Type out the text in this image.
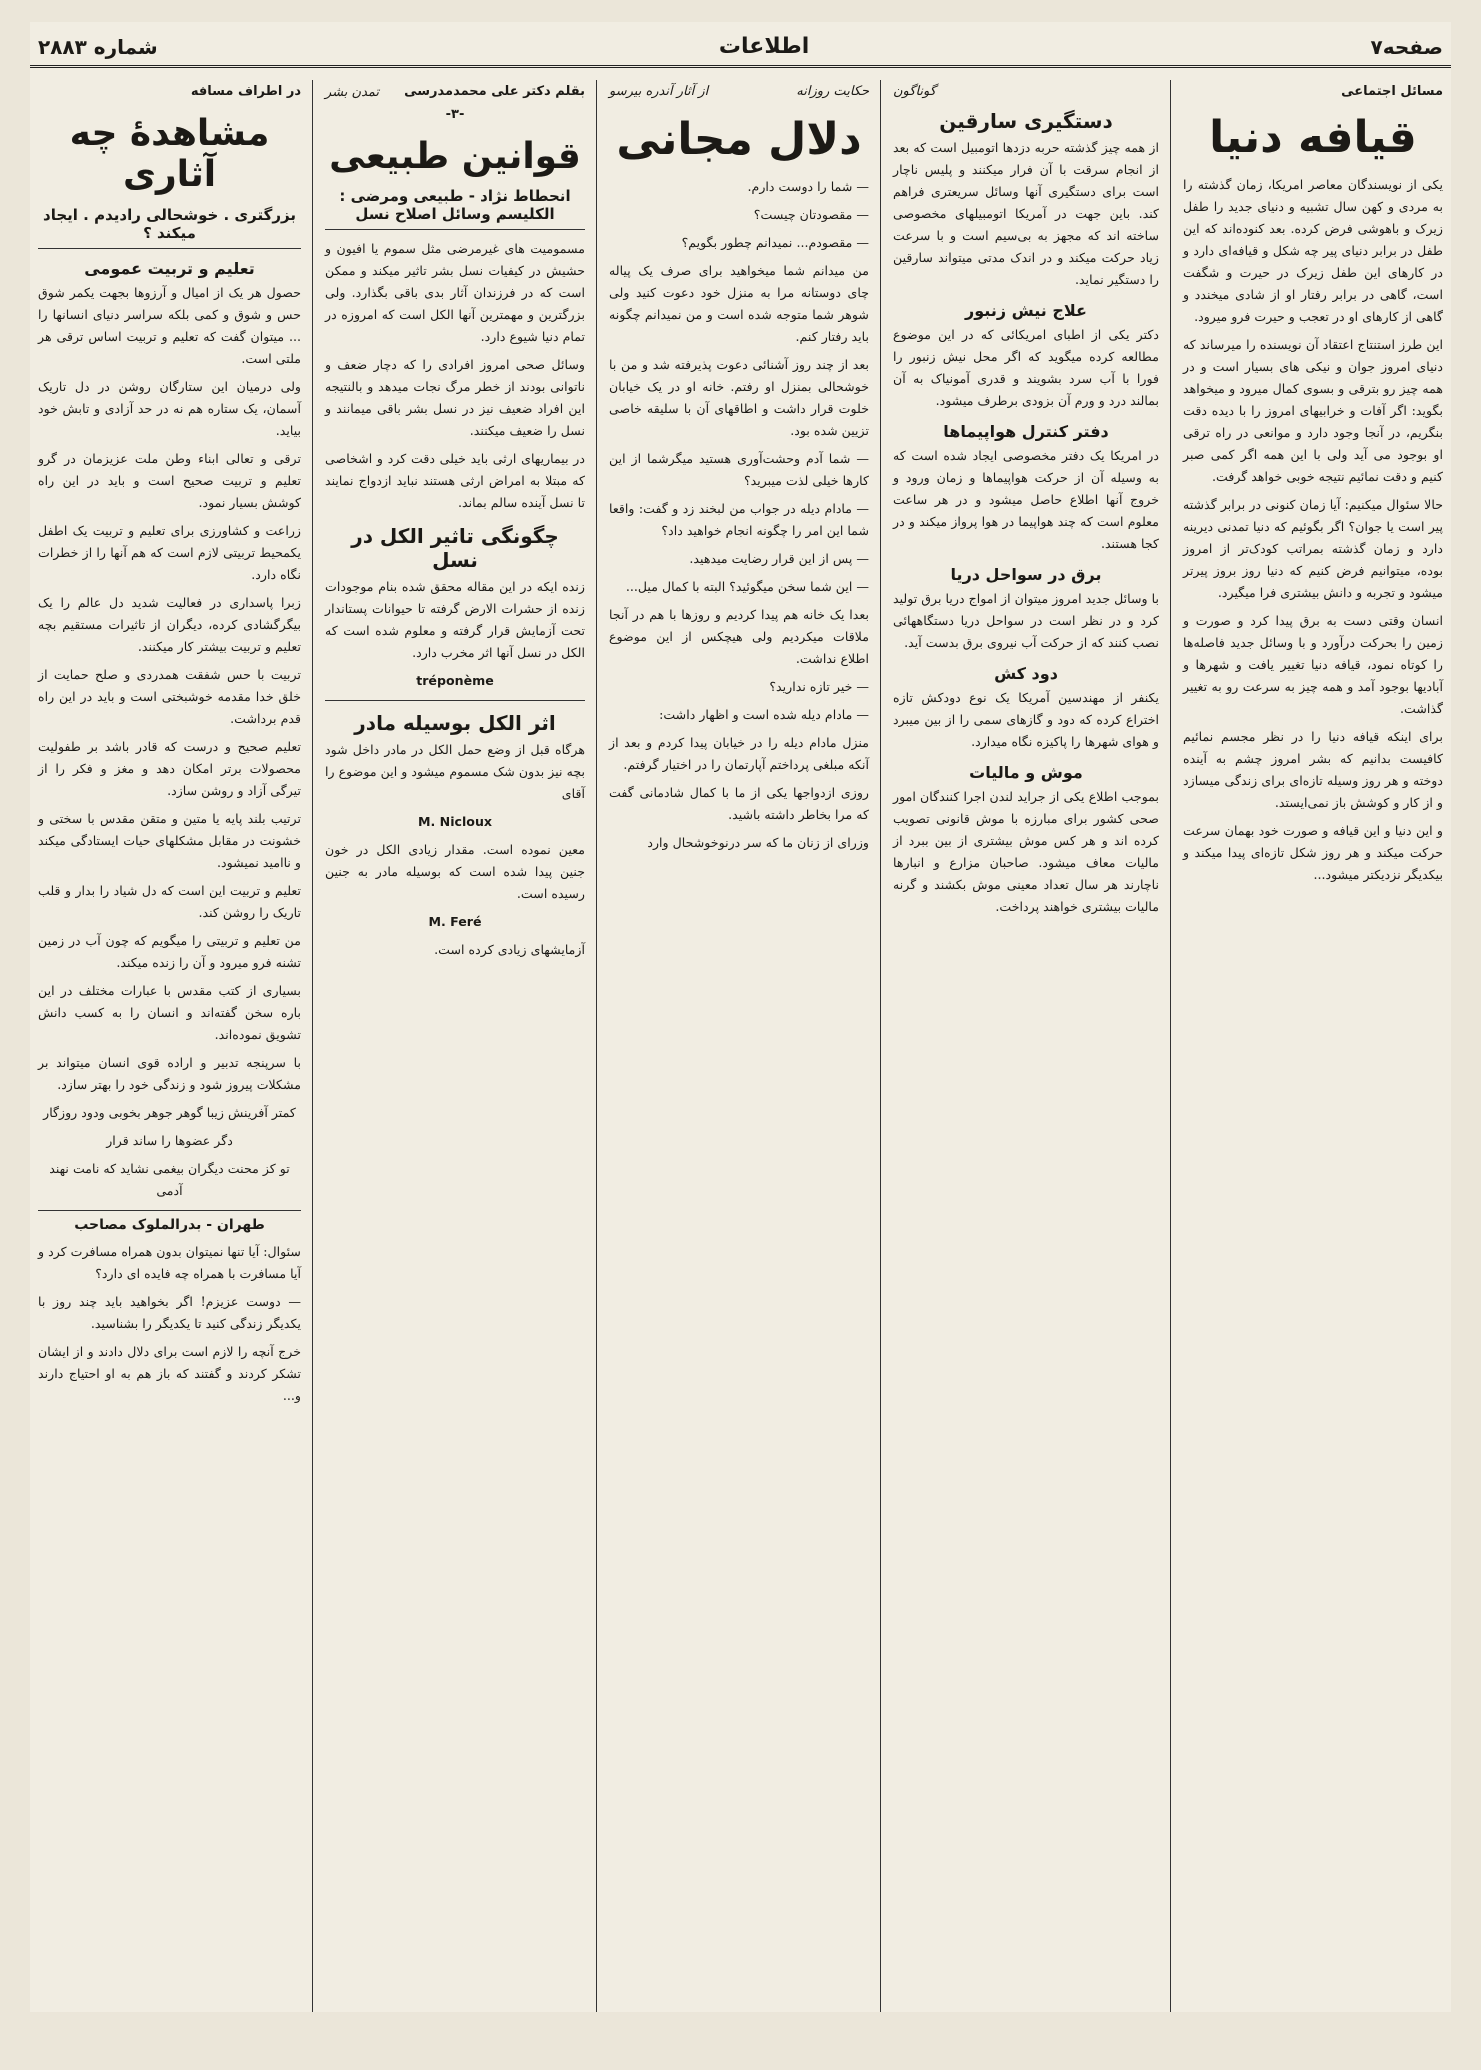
صفحه۷
اطلاعات
شماره ۲۸۸۳
مسائل اجتماعی
قیافه دنیا

یکی از نویسندگان معاصر امریکا، زمان گذشته را به مردی و کهن سال تشبیه و دنیای جدید را طفل زیرک و باهوشی فرض کرده. بعد کنوده‌اند که این طفل در برابر دنیای پیر چه شکل و قیافه‌ای دارد و در کارهای این طفل زیرک در حیرت و شگفت است، گاهی در برابر رفتار او از شادی میخندد و گاهی از کارهای او در تعجب و حیرت فرو میرود.

این طرز استنتاج اعتقاد آن نویسنده را میرساند که دنیای امروز جوان و نیکی های بسیار است و در همه چیز رو بترقی و بسوی کمال میرود و میخواهد بگوید: اگر آفات و خرابیهای امروز را با دیده دقت بنگریم، در آنجا وجود دارد و موانعی در راه ترقی او بوجود می آید ولی با این همه اگر کمی صبر کنیم و دقت نمائیم نتیجه خوبی خواهد گرفت.

حالا سئوال میکنیم: آیا زمان کنونی در برابر گذشته پیر است یا جوان؟ اگر بگوئیم که دنیا تمدنی دیرینه دارد و زمان گذشته بمراتب کودک‌تر از امروز بوده، میتوانیم فرض کنیم که دنیا روز بروز پیرتر میشود و تجربه و دانش بیشتری فرا میگیرد.

انسان وقتی دست به برق پیدا کرد و صورت و زمین را بحرکت درآورد و با وسائل جدید فاصله‌ها را کوتاه نمود، قیافه دنیا تغییر یافت و شهرها و آبادیها بوجود آمد و همه چیز به سرعت رو به تغییر گذاشت.

برای اینکه قیافه دنیا را در نظر مجسم نمائیم کافیست بدانیم که بشر امروز چشم به آینده دوخته و هر روز وسیله تازه‌ای برای زندگی میسازد و از کار و کوشش باز نمی‌ایستد.

و این دنیا و این قیافه و صورت خود بهمان سرعت حرکت میکند و هر روز شکل تازه‌ای پیدا میکند و بیکدیگر نزدیکتر میشود...

گوناگون
دستگیری سارقین

از همه چیز گذشته حربه دزدها اتومبیل است که بعد از انجام سرقت با آن فرار میکنند و پلیس ناچار است برای دستگیری آنها وسائل سریعتری فراهم کند. باین جهت در آمریکا اتومبیلهای مخصوصی ساخته اند که مجهز به بی‌سیم است و با سرعت زیاد حرکت میکند و در اندک مدتی میتواند سارقین را دستگیر نماید.

علاج نیش زنبور

دکتر یکی از اطبای امریکائی که در این موضوع مطالعه کرده میگوید که اگر محل نیش زنبور را فورا با آب سرد بشویند و قدری آمونیاک به آن بمالند درد و ورم آن بزودی برطرف میشود.

دفتر کنترل هواپیماها

در امریکا یک دفتر مخصوصی ایجاد شده است که به وسیله آن از حرکت هواپیماها و زمان ورود و خروج آنها اطلاع حاصل میشود و در هر ساعت معلوم است که چند هواپیما در هوا پرواز میکند و در کجا هستند.

برق در سواحل دریا

با وسائل جدید امروز میتوان از امواج دریا برق تولید کرد و در نظر است در سواحل دریا دستگاههائی نصب کنند که از حرکت آب نیروی برق بدست آید.

دود کش

یکنفر از مهندسین آمریکا یک نوع دودکش تازه اختراع کرده که دود و گازهای سمی را از بین میبرد و هوای شهرها را پاکیزه نگاه میدارد.

موش و مالیات

بموجب اطلاع یکی از جراید لندن اجرا کنندگان امور صحی کشور برای مبارزه با موش قانونی تصویب کرده اند و هر کس موش بیشتری از بین ببرد از مالیات معاف میشود. صاحبان مزارع و انبارها ناچارند هر سال تعداد معینی موش بکشند و گرنه مالیات بیشتری خواهند پرداخت.

حکایت روزانه
از آثار آندره بیرسو
دلال مجانی

— شما را دوست دارم.

— مقصودتان چیست؟

— مقصودم... نمیدانم چطور بگویم؟

من میدانم شما میخواهید برای صرف یک پیاله چای دوستانه مرا به منزل خود دعوت کنید ولی شوهر شما متوجه شده است و من نمیدانم چگونه باید رفتار کنم.

بعد از چند روز آشنائی دعوت پذیرفته شد و من با خوشحالی بمنزل او رفتم. خانه او در یک خیابان خلوت قرار داشت و اطاقهای آن با سلیقه خاصی تزیین شده بود.

— شما آدم وحشت‌آوری هستید میگرشما از این کارها خیلی لذت میبرید؟

— مادام دیله در جواب من لبخند زد و گفت: واقعا شما این امر را چگونه انجام خواهید داد؟

— پس از این قرار رضایت میدهید.

— این شما سخن میگوئید؟ البته با کمال میل...

بعدا یک خانه هم پیدا کردیم و روزها با هم در آنجا ملاقات میکردیم ولی هیچکس از این موضوع اطلاع نداشت.

— خیر تازه ندارید؟

— مادام دیله شده است و اظهار داشت:

منزل مادام دیله را در خیابان پیدا کردم و بعد از آنکه مبلغی پرداختم آپارتمان را در اختیار گرفتم.

روزی ازدواجها یکی از ما با کمال شادمانی گفت که مرا بخاطر داشته باشید.

وزرای از زنان ما که سر درنوخوشحال وارد

بقلم دکتر علی محمدمدرسی
تمدن بشر
-۳-
قوانین طبیعی
انحطاط نژاد - طبیعی ومرضی : الکلیسم وسائل اصلاح نسل

مسمومیت های غیرمرضی مثل سموم یا افیون و حشیش در کیفیات نسل بشر تاثیر میکند و ممکن است که در فرزندان آثار بدی باقی بگذارد. ولی بزرگترین و مهمترین آنها الکل است که امروزه در تمام دنیا شیوع دارد.

وسائل صحی امروز افرادی را که دچار ضعف و ناتوانی بودند از خطر مرگ نجات میدهد و بالنتیجه این افراد ضعیف نیز در نسل بشر باقی میمانند و نسل را ضعیف میکنند.

در بیماریهای ارثی باید خیلی دقت کرد و اشخاصی که مبتلا به امراض ارثی هستند نباید ازدواج نمایند تا نسل آینده سالم بماند.

چگونگی تاثیر الکل در نسل

زنده ایکه در این مقاله محقق شده بنام موجودات زنده از حشرات الارض گرفته تا حیوانات پستاندار تحت آزمایش قرار گرفته و معلوم شده است که الکل در نسل آنها اثر مخرب دارد.

tréponème

اثر الکل بوسیله مادر

هرگاه قبل از وضع حمل الکل در مادر داخل شود بچه نیز بدون شک مسموم میشود و این موضوع را آقای

M. Nicloux

معین نموده است. مقدار زیادی الکل در خون جنین پیدا شده است که بوسیله مادر به جنین رسیده است.

M. Feré

آزمایشهای زیادی کرده است.

در اطراف مسافه
مشاهدهٔ چه آثاری
بزرگتری . خوشحالی رادیدم . ایجاد میکند ؟
تعلیم و تربیت عمومی

حصول هر یک از امیال و آرزوها بجهت یکمر شوق حس و شوق و کمی بلکه سراسر دنیای انسانها را ... میتوان گفت که تعلیم و تربیت اساس ترقی هر ملتی است.

ولی درمیان این ستارگان روشن در دل تاریک آسمان، یک ستاره هم نه در حد آزادی و تابش خود بیاید.

ترقی و تعالی ابناء وطن ملت عزیزمان در گرو تعلیم و تربیت صحیح است و باید در این راه کوشش بسیار نمود.

زراعت و کشاورزی برای تعلیم و تربیت یک اطفل یکمحیط تربیتی لازم است که هم آنها را از خطرات نگاه دارد.

زبرا پاسداری در فعالیت شدید دل عالم را یک بیگرگشادی کرده، دیگران از تاثیرات مستقیم بچه تعلیم و تربیت بیشتر کار میکنند.

تربیت با حس شفقت همدردی و صلح حمایت از خلق خدا مقدمه خوشبختی است و باید در این راه قدم برداشت.

تعلیم صحیح و درست که قادر باشد بر طفولیت محصولات برتر امکان دهد و مغز و فکر را از تیرگی آزاد و روشن سازد.

ترتیب بلند پایه یا متین و متقن مقدس با سختی و خشونت در مقابل مشکلهای حیات ایستادگی میکند و ناامید نمیشود.

تعلیم و تربیت این است که دل شیاد را بدار و قلب تاریک را روشن کند.

من تعلیم و تربیتی را میگویم که چون آب در زمین تشنه فرو میرود و آن را زنده میکند.

بسیاری از کتب مقدس با عبارات مختلف در این باره سخن گفته‌اند و انسان را به کسب دانش تشویق نموده‌اند.

با سرپنجه تدبیر و اراده قوی انسان میتواند بر مشکلات پیروز شود و زندگی خود را بهتر سازد.

کمتر آفرینش زیبا گوهر جوهر بخوبی ودود روزگار

دگر عضوها را ساند قرار

تو کز محنت دیگران بیغمی نشاید که نامت نهند آدمی

طهران - بدرالملوک مصاحب

سئوال: آیا تنها نمیتوان بدون همراه مسافرت کرد و آیا مسافرت با همراه چه فایده ای دارد؟

— دوست عزیزم! اگر بخواهید باید چند روز با یکدیگر زندگی کنید تا یکدیگر را بشناسید.

خرج آنچه را لازم است برای دلال دادند و از ایشان تشکر کردند و گفتند که باز هم به او احتیاج دارند و...
